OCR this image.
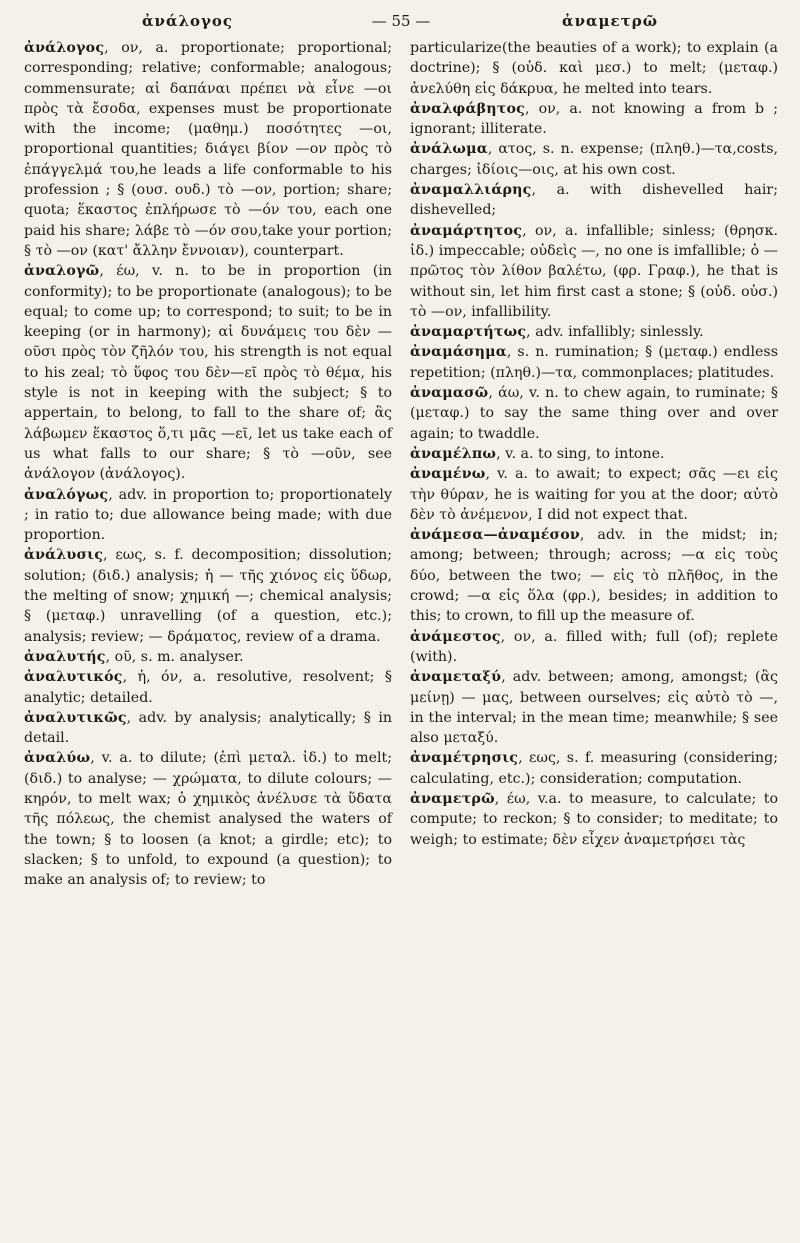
ἀνάλογος	— 55 —	ἀναμετρῶ

ἀνάλογος, ον, a. proportionate; proportional; corresponding; relative; conformable; analogous; commensurate; αἱ δαπάναι πρέπει νὰ εἶνε —οι πρὸς τὰ ἔσοδα, expenses must be proportionate with the income; (μαθημ.) ποσότητες —οι, proportional quantities; διάγει βίον —ον πρὸς τὸ ἐπάγγελμά του,he leads a life conformable to his profession ; § (ουσ. ουδ.) τὸ —ον, portion; share; quota; ἕκαστος ἐπλήρωσε τὸ —όν του, each one paid his share; λάβε τὸ —όν σου,take your portion; § τὸ —ον (κατ' ἄλλην ἔννοιαν), counterpart.

ἀναλογῶ, έω, v. n. to be in proportion (in conformity); to be proportionate (analogous); to be equal; to come up; to correspond; to suit; to be in keeping (or in harmony); αἱ δυνάμεις του δὲν —οῦσι πρὸς τὸν ζῆλόν του, his strength is not equal to his zeal; τὸ ὕφος του δὲν—εῖ πρὸς τὸ θέμα, his style is not in keeping with the subject; § to appertain, to belong, to fall to the share of; ἂς λάβωμεν ἕκαστος ὅ,τι μᾶς —εῖ, let us take each of us what falls to our share; § τὸ —οῦν, see ἀνάλογον (ἀνάλογος).

ἀναλόγως, adv. in proportion to; proportionately ; in ratio to; due allowance being made; with due proportion.

ἀνάλυσις, εως, s. f. decomposition; dissolution; solution; (διδ.) analysis; ἡ — τῆς χιόνος εἰς ὕδωρ, the melting of snow; χημική —; chemical analysis; § (μεταφ.) unravelling (of a question, etc.); analysis; review; — δράματος, review of a drama.

ἀναλυτής, οῦ, s. m. analyser.

ἀναλυτικός, ἡ, όν, a. resolutive, resolvent; § analytic; detailed.

ἀναλυτικῶς, adv. by analysis; analytically; § in detail.

ἀναλύω, v. a. to dilute; (ἐπὶ μεταλ. ἰδ.) to melt; (διδ.) to analyse; — χρώματα, to dilute colours; — κηρόν, to melt wax; ὁ χημικὸς ἀνέλυσε τὰ ὕδατα τῆς πόλεως, the chemist analysed the waters of the town; § to loosen (a knot; a girdle; etc); to slacken; § to unfold, to expound (a question); to make an analysis of; to review; to

particularize(the beauties of a work); to explain (a doctrine); § (οὐδ. καὶ μεσ.) to melt; (μεταφ.) ἀνελύθη εἰς δάκρυα, he melted into tears.

ἀναλφάβητος, ον, a. not knowing a from b ; ignorant; illiterate.

ἀνάλωμα, ατος, s. n. expense; (πληθ.)—τα,costs, charges; ἰδίοις—οις, at his own cost.

ἀναμαλλιάρης, a. with dishevelled hair; dishevelled;

ἀναμάρτητος, ον, a. infallible; sinless; (θρησκ. ἰδ.) impeccable; οὐδεὶς —, no one is imfallible; ὁ — πρῶτος τὸν λίθον βαλέτω, (φρ. Γραφ.), he that is without sin, let him first cast a stone; § (οὐδ. οὐσ.) τὸ —ον, infallibility.

ἀναμαρτήτως, adv. infallibly; sinlessly.

ἀναμάσημα, s. n. rumination; § (μεταφ.) endless repetition; (πληθ.)—τα, commonplaces; platitudes.

ἀναμασῶ, άω, v. n. to chew again, to ruminate; § (μεταφ.) to say the same thing over and over again; to twaddle.

ἀναμέλπω, v. a. to sing, to intone.

ἀναμένω, v. a. to await; to expect; σᾶς —ει εἰς τὴν θύραν, he is waiting for you at the door; αὐτὸ δὲν τὸ ἀνέμενον, I did not expect that.

ἀνάμεσα—ἀναμέσον, adv. in the midst; in; among; between; through; across; —α εἰς τοὺς δύο, between the two; — εἰς τὸ πλῆθος, in the crowd; —α εἰς ὅλα (φρ.), besides; in addition to this; to crown, to fill up the measure of.

ἀνάμεστος, ον, a. filled with; full (of); replete (with).

ἀναμεταξύ, adv. between; among, amongst; (ἂς μείνῃ) — μας, between ourselves; εἰς αὐτὸ τὸ —, in the interval; in the mean time; meanwhile; § see also μεταξύ.

ἀναμέτρησις, εως, s. f. measuring (considering; calculating, etc.); consideration; computation.

ἀναμετρῶ, έω, v.a. to measure, to calculate; to compute; to reckon; § to consider; to meditate; to weigh; to estimate; δὲν εἶχεν ἀναμετρήσει τὰς
